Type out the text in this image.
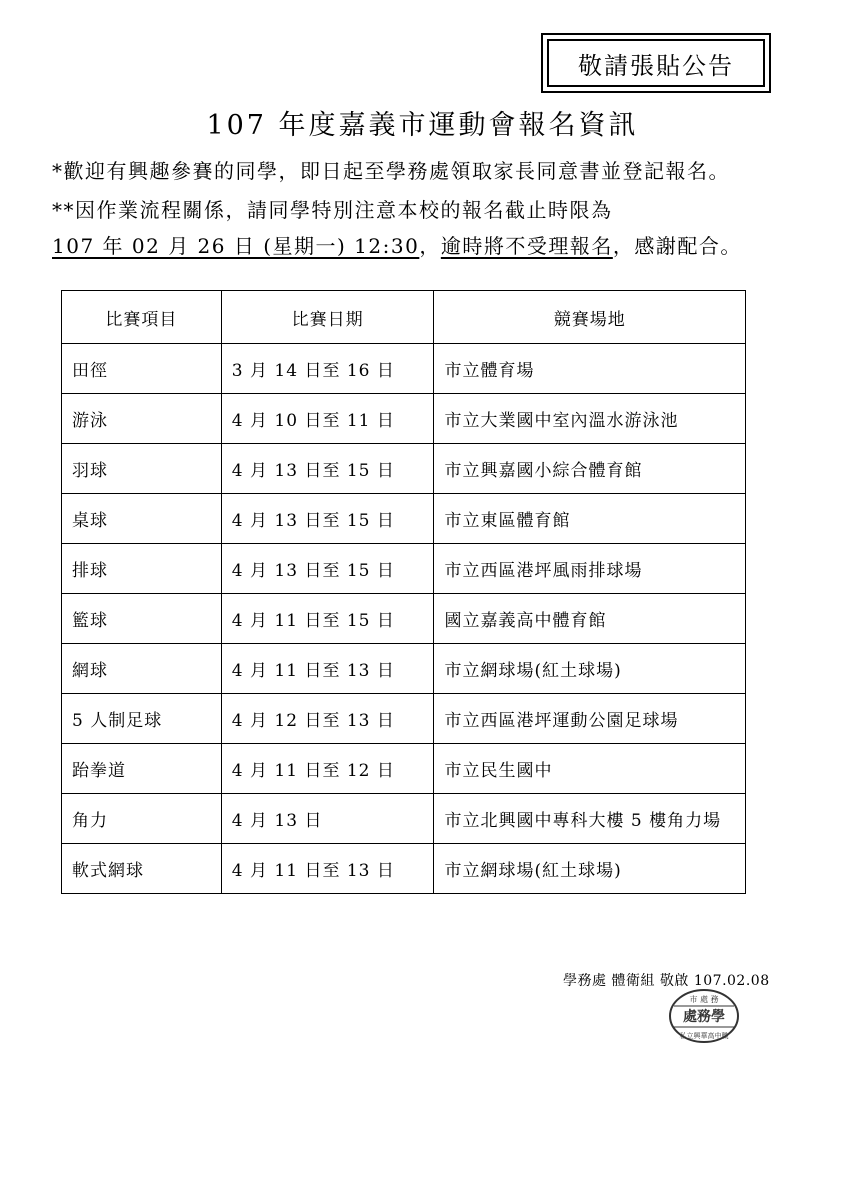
敬請張貼公告
107 年度嘉義市運動會報名資訊
*歡迎有興趣參賽的同學，即日起至學務處領取家長同意書並登記報名。
**因作業流程關係，請同學特別注意本校的報名截止時限為
107 年 02 月 26 日 (星期一) 12:30，逾時將不受理報名，感謝配合。
比賽項目	比賽日期	競賽場地
田徑	3 月 14 日至 16 日	市立體育場
游泳	4 月 10 日至 11 日	市立大業國中室內溫水游泳池
羽球	4 月 13 日至 15 日	市立興嘉國小綜合體育館
桌球	4 月 13 日至 15 日	市立東區體育館
排球	4 月 13 日至 15 日	市立西區港坪風雨排球場
籃球	4 月 11 日至 15 日	國立嘉義高中體育館
網球	4 月 11 日至 13 日	市立網球場(紅土球場)
5 人制足球	4 月 12 日至 13 日	市立西區港坪運動公園足球場
跆拳道	4 月 11 日至 12 日	市立民生國中
角力	4 月 13 日	市立北興國中專科大樓 5 樓角力場
軟式網球	4 月 11 日至 13 日	市立網球場(紅土球場)
學務處 體衛組 敬啟 107.02.08
市 處 務
處務學
私立興華高中職
